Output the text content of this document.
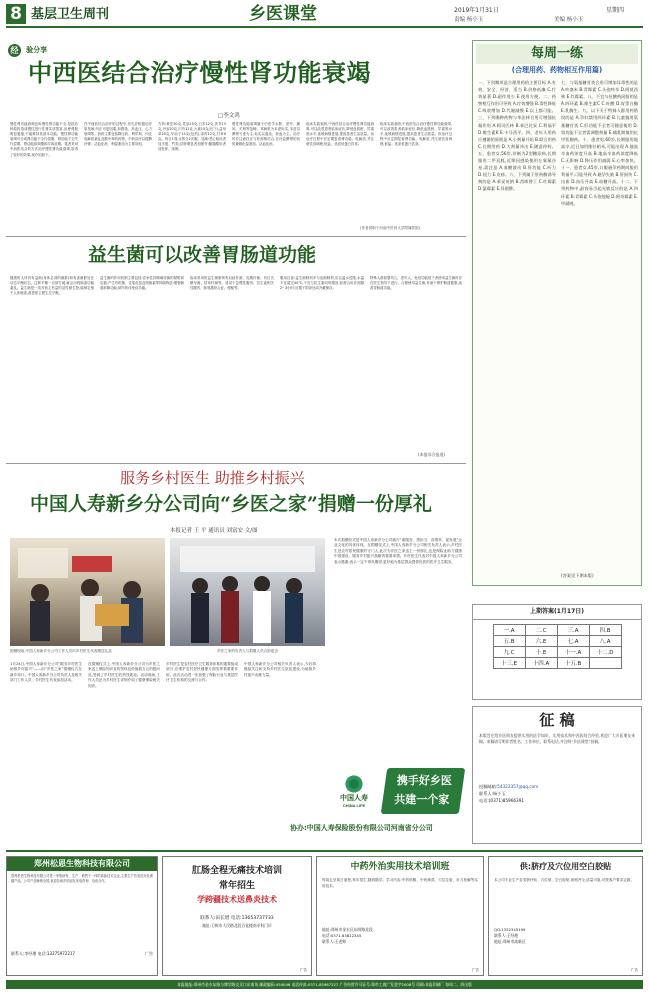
8 基层卫生周刊	乡医课堂	2019年1月31日	星期四
责编 杨小玉	美编 杨小玉
经 验分享
中西医结合治疗慢性肾功能衰竭
□李文鸿
慢性肾功能衰竭也叫慢性肾功能不全,是指各种原因造成慢性进行性肾实质损害,致使肾脏明显萎缩,不能维持其基本功能。慢性肾功能衰竭可分成肾功能不全代偿期、肾功能不全失代偿期、肾功能衰竭期和尿毒症期。笔者采用中西医结合的方法治疗慢性肾功能衰竭,取得了较好的效果,现介绍如下。
在中西医结合治疗的过程中,首先应积极治疗原发病,纠正可逆因素,如感染、高血压、心力衰竭等。西药主要包括降压药、利尿剂、纠正电解质紊乱及酸中毒的药物。中药治疗以健脾补肾、活血化瘀、利湿泄浊为主要治则。
方药:黄芪30克,党参15克,白术12克,茯苓15克,丹参20克,川芎12克,大黄10克(后下),益母草20克,车前子15克(包煎),泽泻12克,甘草6克。每日1剂,水煎分2次服。加减:恶心呕吐者加半夏、竹茹;浮肿明显者加猪苓;腰膝酸软者加杜仲、续断。
慢性肾功能衰竭属于中医学水肿、虚劳、癃闭、关格等范畴。其病机为本虚标实,本虚以脾肾亏虚为主,标实以湿浊、瘀血为主。治疗时应注意扶正与祛邪相结合,在补益脾肾的同时兼顾化湿泄浊、活血化瘀。
临床实践表明,中西医结合治疗慢性肾功能衰竭,可以改善患者临床症状,降低血肌酐、尿素氮水平,延缓病情进展,提高患者生活质量。但治疗过程中应定期复查肾功能、电解质,并注意饮食调理,低盐、优质低蛋白饮食。
临床实践表明,中西医结合治疗慢性肾功能衰竭,可以改善患者临床症状,降低血肌酐、尿素氮水平,延缓病情进展,提高患者生活质量。但治疗过程中应定期复查肾功能、电解质,并注意饮食调理,低盐、优质低蛋白饮食。
(作者供职于河南中医药大学附属医院)
每周一练
(合理用药、药物相互作用篇)
一、下列哪项是合理用药的主要目标 A.有效、安全、经济、适当 B.价格低廉 C.疗效显著 D.副作用少 E.使用方便。二、药物相互作用可导致 A.疗效增强 B.毒性降低 C.吸收增加 D.代谢减慢 E.以上都可能。三、下列哪种药物与华法林合用可增强抗凝作用 A.阿司匹林 B.苯巴比妥 C.利福平 D.维生素K E.卡马西平。四、老年人用药应遵循的原则是 A.小剂量开始 B.联合用药 C.长期用药 D.大剂量冲击 E.随意停药。五、患者女,56岁,诊断为2型糖尿病,长期服用二甲双胍,近期因感染使用左氧氟沙星,需注意 A.血糖波动 B.肝功能 C.听力 D.视力 E.皮疹。六、下列属于肝药酶诱导剂的是 A.苯妥英钠 B.西咪替丁 C.红霉素 D.氯霉素 E.异烟肼。
七、与氨基糖苷类合用可增加耳毒性的是 A.呋塞米 B.青霉素 C.头孢呋辛 D.阿莫西林 E.红霉素。八、不宜与抗酸药同服的是 A.四环素 B.维生素C C.叶酸 D.胃蛋白酶 E.乳酶生。九、以下关于特殊人群用药错误的是 A.孕妇禁用四环素 B.儿童慎用氨基糖苷类 C.肝功能不全者可随意使用 D.肾功能不全者需调整剂量 E.哺乳期慎用抗甲状腺药。十、患者男,60岁,长期服用地高辛,近日加用维拉帕米,可能出现 A.地高辛血药浓度升高 B.地高辛血药浓度降低 C.无影响 D.降压作用减弱 E.心率加快。十一、患者女,45岁,口服避孕药期间服用利福平,可能导致 A.避孕失败 B.肝损伤 C.出血 D.血压升高 E.血糖升高。十二、下列药物中,最容易引起光敏反应的是 A.四环素 B.青霉素 C.头孢他啶 D.阿奇霉素 E.甲硝唑。
(答案见下期本版)
益生菌可以改善胃肠道功能
健康的人体内有益菌(身体必须的菌群)和有害菌群处在动态平衡状态。这种平衡一旦被打破,就会出现肠道功能紊乱。益生菌是一类对宿主有益的活性微生物,能够定殖于人体肠道,改善宿主微生态平衡。
益生菌的作用机制主要包括:竞争性抑制病原菌的黏附和定植;产生有机酸、过氧化氢及细菌素等抑菌物质;增强肠道屏障功能;调节机体免疫功能。
临床常用的益生菌制剂有双歧杆菌、乳酸杆菌、布拉氏酵母菌、枯草杆菌等。适用于急慢性腹泻、抗生素相关性腹泻、肠易激综合征、便秘等。
服用注意:益生菌制剂多为活菌制剂,应以温水送服,水温不宜超过40℃;不宜与抗生素同时服用,如需合用应间隔2~3小时;应置于阴凉处或冷藏保存。
特殊人群如婴幼儿、老年人、免疫功能低下者使用益生菌时应在医生指导下进行。合理使用益生菌,有助于维护肠道健康,改善胃肠道功能。
(本报综合报道)
服务乡村医生 助推乡村振兴
中国人寿新乡分公司向“乡医之家”捐赠一份厚礼
本报记者 王 平 通讯员 刘富安 文/图
捐赠现场,中国人寿新乡分公司工作人员向乡村医生代表赠送礼品	乡医之家的负责人与捐赠人员合影留念
本次捐赠仪式是中国人寿新乡分公司践行“重服务、勇担当、讲情怀、促发展”企业文化的具体体现。在捐赠仪式上,中国人寿新乡分公司相关负责人表示,乡村医生是农村居民健康的守门人,此次为乡医之家送上一份厚礼,也是保险业助力健康中国建设、服务乡村振兴战略的重要举措。乡村医生代表对中国人寿新乡分公司表示感谢,表示一定不辜负期望,更好地为基层群众提供优质的医疗卫生服务。
1月24日,中国人寿新乡分公司“服务乡村医生 助推乡村振兴”——向“乡医之家”捐赠仪式在新乡举行。中国人寿新乡分公司负责人及相关部门工作人员、乡村医生代表参加活动。
在捐赠仪式上,中国人寿新乡分公司为乡医之家送上保险知识宣传资料及价值数万元的慰问品,受到了乡村医生的热烈欢迎。活动现场,工作人员还为乡村医生详细介绍了健康保险相关知识。
乡村医生是农村医疗卫生服务体系的重要组成部分,在维护农村居民健康方面发挥着重要作用。此次活动进一步加强了保险行业与基层医疗卫生机构的交流与合作。
中国人寿新乡分公司相关负责人表示,今后将继续关注和支持乡村医生队伍建设,为助推乡村振兴贡献力量。
中国人寿
CHINA LIFE
携手好乡医
共建一个家
协办:中国人寿保险股份有限公司河南省分公司
上期答案(1月17日)
一.A	二.C	三.A	四.B
五.B	六.E	七.A	八.A
九.C	十.E	十一.A	十二.D
十三.E	十四.A	十五.B	
征 稿
本版旨在给乡医朋友提供实用的医学知识、实用技术和中西医结合经验,欢迎广大乡医朋友来稿。来稿请写明作者姓名、工作单位、联系电话,并注明“乡医课堂”投稿。
投稿邮箱:54322357@qq.com
联系人:杨小玉
电话:(0371)85966391
郑州松恩生物科技有限公司
郑州松恩生物科技有限公司是一家集研发、生产、销售于一体的高新技术企业,主要生产各类医用及保健产品。公司产品畅销全国,欢迎各地乡医朋友来电咨询、洽谈合作。
联系人:李经理 电话:13275972217	广告
肛肠全程无痛技术培训
常年招生
学跨疆技术送鼻炎技术
联系人:田长增 电话:13653737733
地址:卫辉市人民路北段百花楼南专科门诊
广告
中药外治实用技术培训班
每周五至周日面授,常年招生,随到随学。学习内容:中药贴敷、中药熏蒸、穴位注射、针刀松解等实用技术。
地址:郑州市金水区东明路北段
电话:0371-63812345
联系人:王老师
广告
供:脐疗及穴位用空白胶贴
本公司专业生产各类脐疗贴、穴位贴、空白胶贴,规格齐全,质量可靠,可按客户要求定做。
QQ:1352345199
联系人:王经理
地址:郑州市高新区
广告
本报地址:郑州市金水东路与博学路交叉口东南角 邮政编码:450046 电话传真:0371-85967227 广告经营许可证号:郑市工商广发登字2008号 印刷:本报印刷厂 每周二、四出版
